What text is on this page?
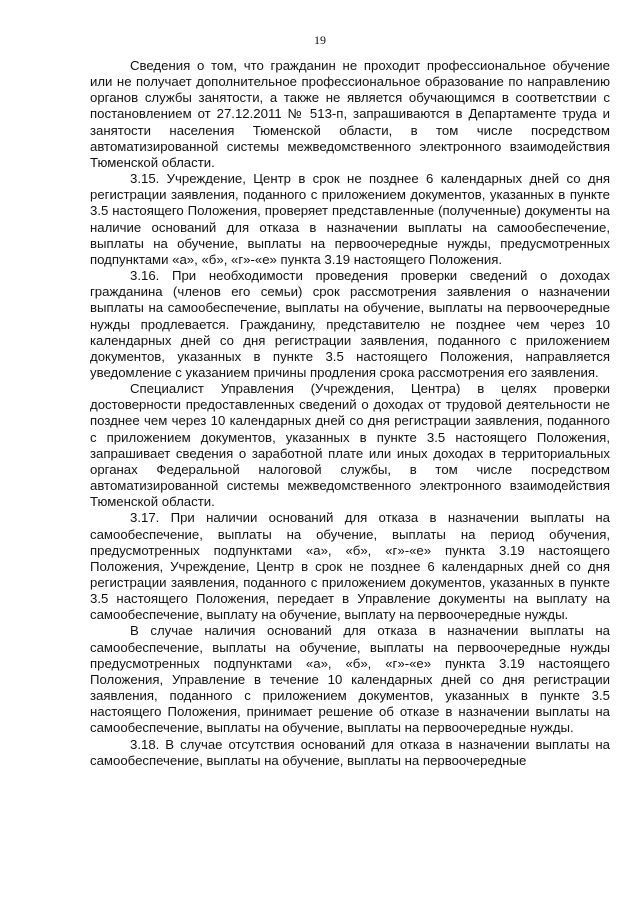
19

Сведения о том, что гражданин не проходит профессиональное обучение или не получает дополнительное профессиональное образование по направлению органов службы занятости, а также не является обучающимся в соответствии с постановлением от 27.12.2011 № 513-п, запрашиваются в Департаменте труда и занятости населения Тюменской области, в том числе посредством автоматизированной системы межведомственного электронного взаимодействия Тюменской области.

3.15. Учреждение, Центр в срок не позднее 6 календарных дней со дня регистрации заявления, поданного с приложением документов, указанных в пункте 3.5 настоящего Положения, проверяет представленные (полученные) документы на наличие оснований для отказа в назначении выплаты на самообеспечение, выплаты на обучение, выплаты на первоочередные нужды, предусмотренных подпунктами «а», «б», «г»-«е» пункта 3.19 настоящего Положения.

3.16. При необходимости проведения проверки сведений о доходах гражданина (членов его семьи) срок рассмотрения заявления о назначении выплаты на самообеспечение, выплаты на обучение, выплаты на первоочередные нужды продлевается. Гражданину, представителю не позднее чем через 10 календарных дней со дня регистрации заявления, поданного с приложением документов, указанных в пункте 3.5 настоящего Положения, направляется уведомление с указанием причины продления срока рассмотрения его заявления.

Специалист Управления (Учреждения, Центра) в целях проверки достоверности предоставленных сведений о доходах от трудовой деятельности не позднее чем через 10 календарных дней со дня регистрации заявления, поданного с приложением документов, указанных в пункте 3.5 настоящего Положения, запрашивает сведения о заработной плате или иных доходах в территориальных органах Федеральной налоговой службы, в том числе посредством автоматизированной системы межведомственного электронного взаимодействия Тюменской области.

3.17. При наличии оснований для отказа в назначении выплаты на самообеспечение, выплаты на обучение, выплаты на период обучения, предусмотренных подпунктами «а», «б», «г»-«е» пункта 3.19 настоящего Положения, Учреждение, Центр в срок не позднее 6 календарных дней со дня регистрации заявления, поданного с приложением документов, указанных в пункте 3.5 настоящего Положения, передает в Управление документы на выплату на самообеспечение, выплату на обучение, выплату на первоочередные нужды.

В случае наличия оснований для отказа в назначении выплаты на самообеспечение, выплаты на обучение, выплаты на первоочередные нужды предусмотренных подпунктами «а», «б», «г»-«е» пункта 3.19 настоящего Положения, Управление в течение 10 календарных дней со дня регистрации заявления, поданного с приложением документов, указанных в пункте 3.5 настоящего Положения, принимает решение об отказе в назначении выплаты на самообеспечение, выплаты на обучение, выплаты на первоочередные нужды.

3.18. В случае отсутствия оснований для отказа в назначении выплаты на самообеспечение, выплаты на обучение, выплаты на первоочередные
